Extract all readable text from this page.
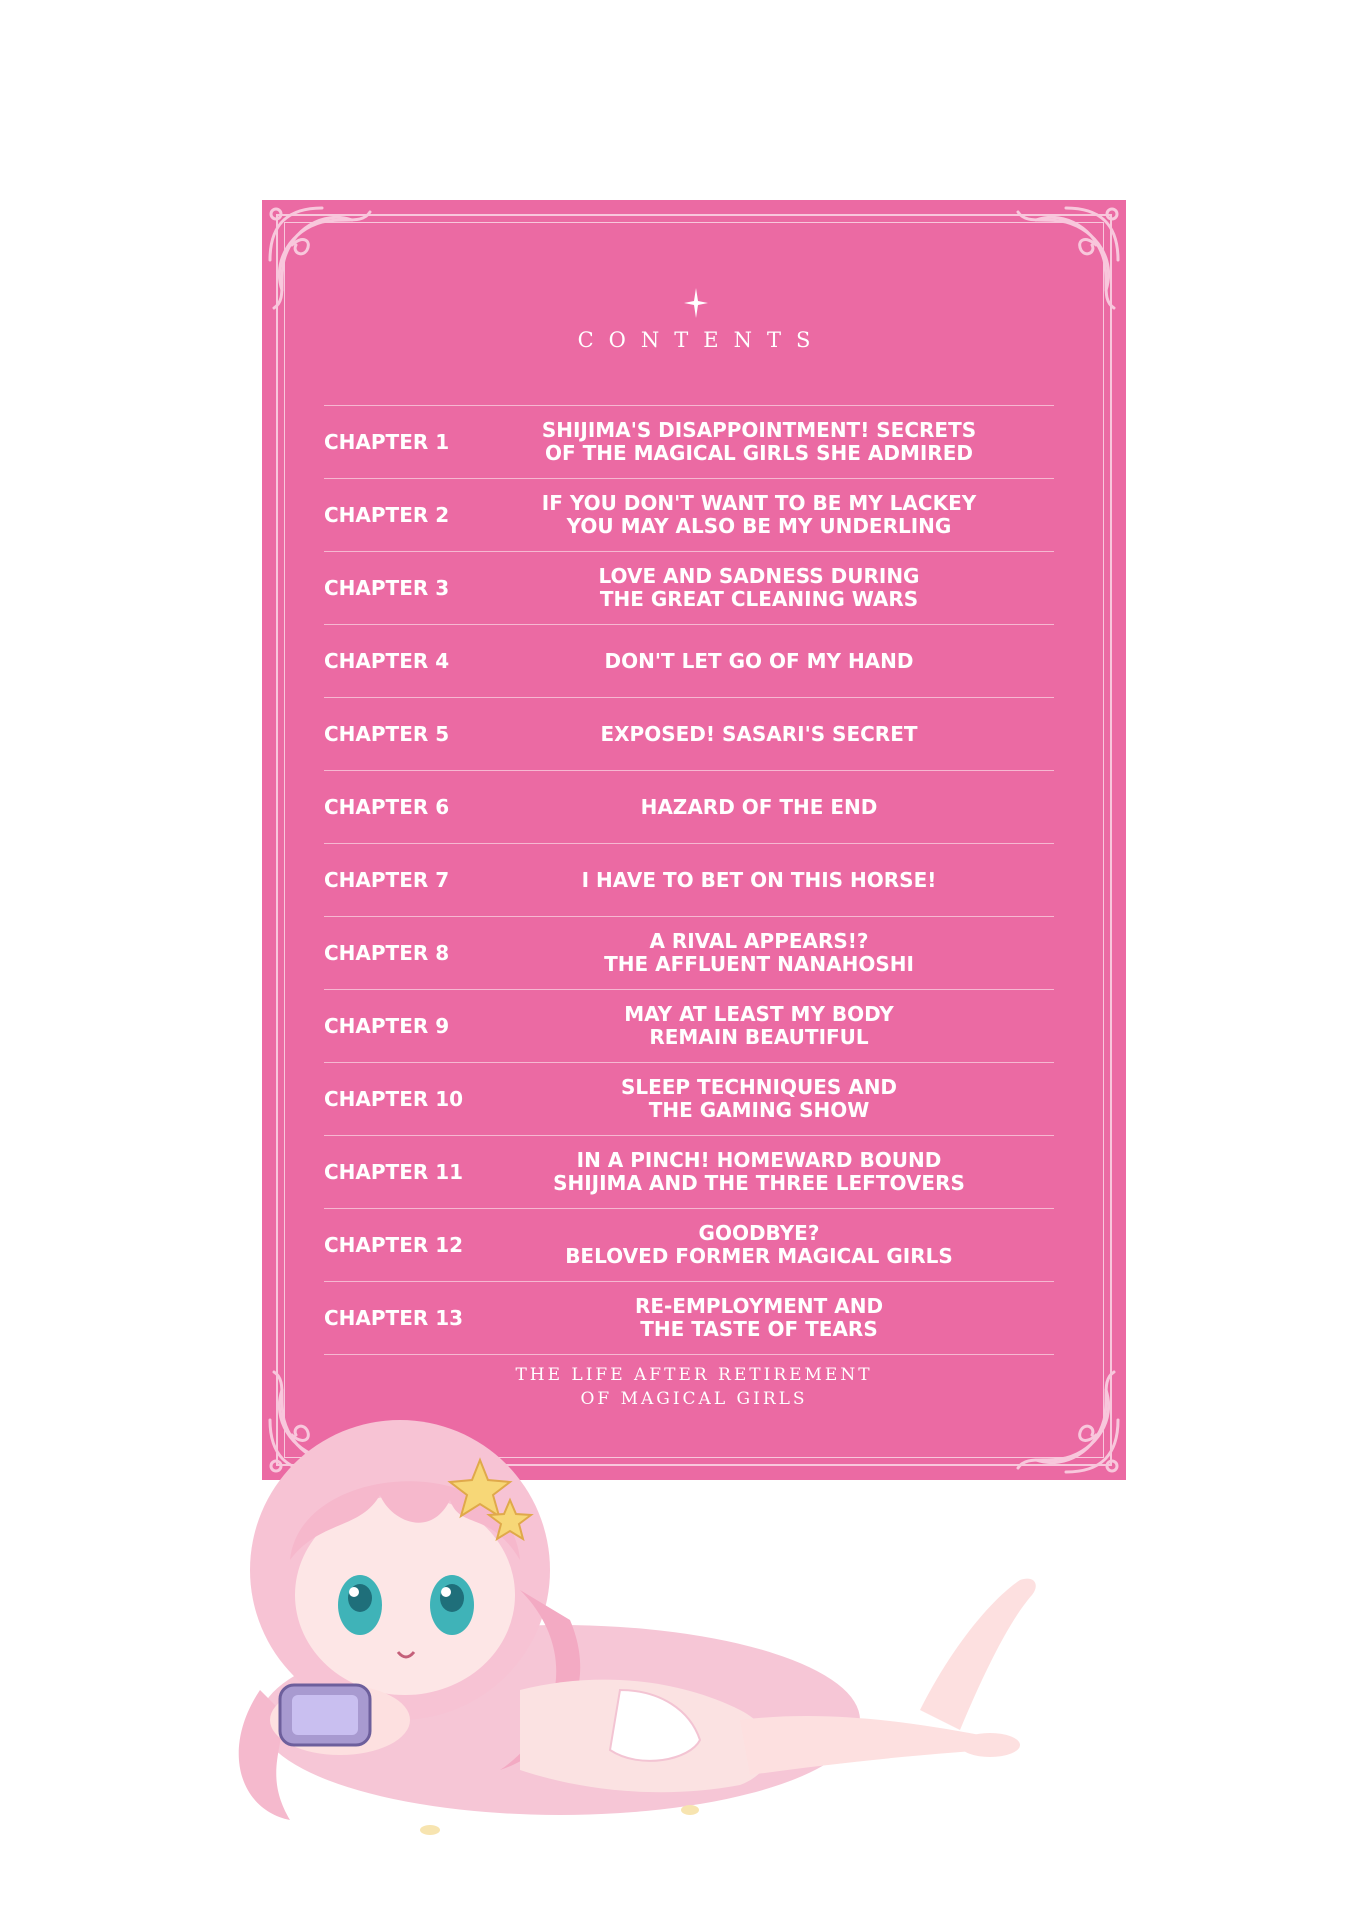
CONTENTS
CHAPTER 1	SHIJIMA'S DISAPPOINTMENT! SECRETS
OF THE MAGICAL GIRLS SHE ADMIRED
CHAPTER 2	IF YOU DON'T WANT TO BE MY LACKEY
YOU MAY ALSO BE MY UNDERLING
CHAPTER 3	LOVE AND SADNESS DURING
THE GREAT CLEANING WARS
CHAPTER 4	DON'T LET GO OF MY HAND
CHAPTER 5	EXPOSED! SASARI'S SECRET
CHAPTER 6	HAZARD OF THE END
CHAPTER 7	I HAVE TO BET ON THIS HORSE!
CHAPTER 8	A RIVAL APPEARS!?
THE AFFLUENT NANAHOSHI
CHAPTER 9	MAY AT LEAST MY BODY
REMAIN BEAUTIFUL
CHAPTER 10	SLEEP TECHNIQUES AND
THE GAMING SHOW
CHAPTER 11	IN A PINCH! HOMEWARD BOUND
SHIJIMA AND THE THREE LEFTOVERS
CHAPTER 12	GOODBYE?
BELOVED FORMER MAGICAL GIRLS
CHAPTER 13	RE-EMPLOYMENT AND
THE TASTE OF TEARS
THE LIFE AFTER RETIREMENT
OF MAGICAL GIRLS
